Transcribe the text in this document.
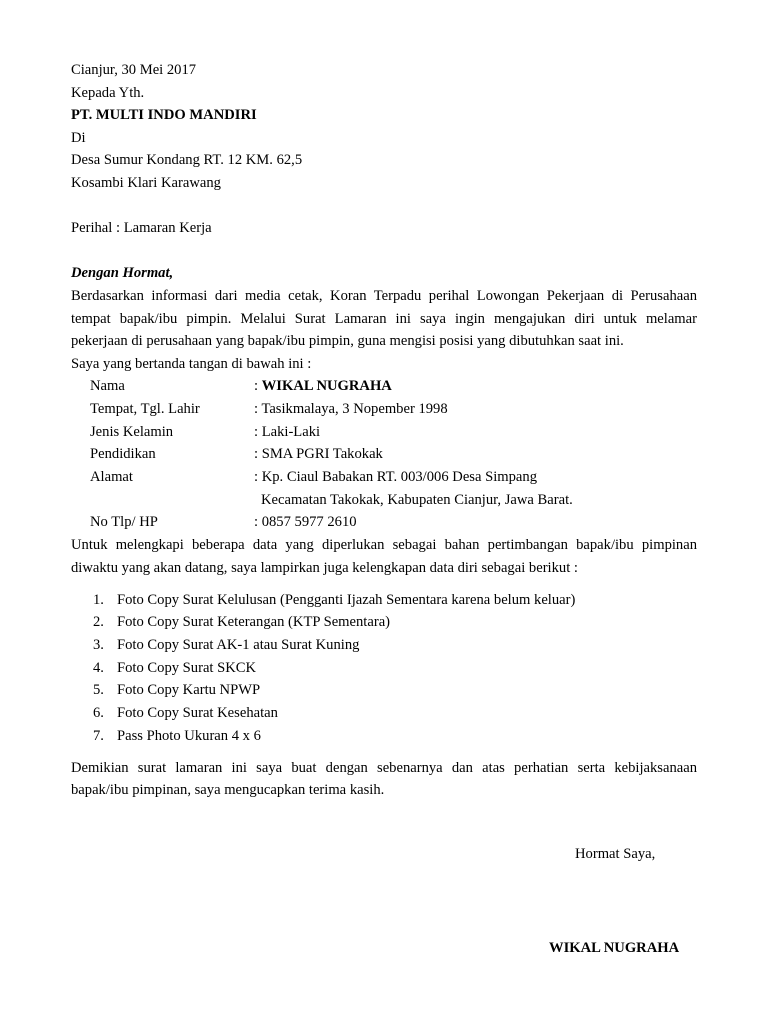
Cianjur, 30 Mei 2017
Kepada Yth.
PT. MULTI INDO MANDIRI
Di
Desa Sumur Kondang RT. 12 KM. 62,5
Kosambi Klari Karawang
Perihal : Lamaran Kerja
Dengan Hormat,
Berdasarkan informasi dari media cetak, Koran Terpadu perihal Lowongan Pekerjaan di Perusahaan
tempat bapak/ibu pimpin. Melalui Surat Lamaran ini saya ingin mengajukan diri untuk melamar
pekerjaan di perusahaan yang bapak/ibu pimpin, guna mengisi posisi yang dibutuhkan saat ini.
Saya yang bertanda tangan di bawah ini :
Nama	: WIKAL NUGRAHA
Tempat, Tgl. Lahir	: Tasikmalaya, 3 Nopember 1998
Jenis Kelamin	: Laki-Laki
Pendidikan	: SMA PGRI Takokak
Alamat	: Kp. Ciaul Babakan RT. 003/006 Desa Simpang
Kecamatan Takokak, Kabupaten Cianjur, Jawa Barat.
No Tlp/ HP	: 0857 5977 2610
Untuk melengkapi beberapa data yang diperlukan sebagai bahan pertimbangan bapak/ibu pimpinan
diwaktu yang akan datang, saya lampirkan juga kelengkapan data diri sebagai berikut :
1. Foto Copy Surat Kelulusan (Pengganti Ijazah Sementara karena belum keluar)
2. Foto Copy Surat Keterangan (KTP Sementara)
3. Foto Copy Surat AK-1 atau Surat Kuning
4. Foto Copy Surat SKCK
5. Foto Copy Kartu NPWP
6. Foto Copy Surat Kesehatan
7. Pass Photo Ukuran 4 x 6
Demikian surat lamaran ini saya buat dengan sebenarnya dan atas perhatian serta kebijaksanaan
bapak/ibu pimpinan, saya mengucapkan terima kasih.
Hormat Saya,
WIKAL NUGRAHA
